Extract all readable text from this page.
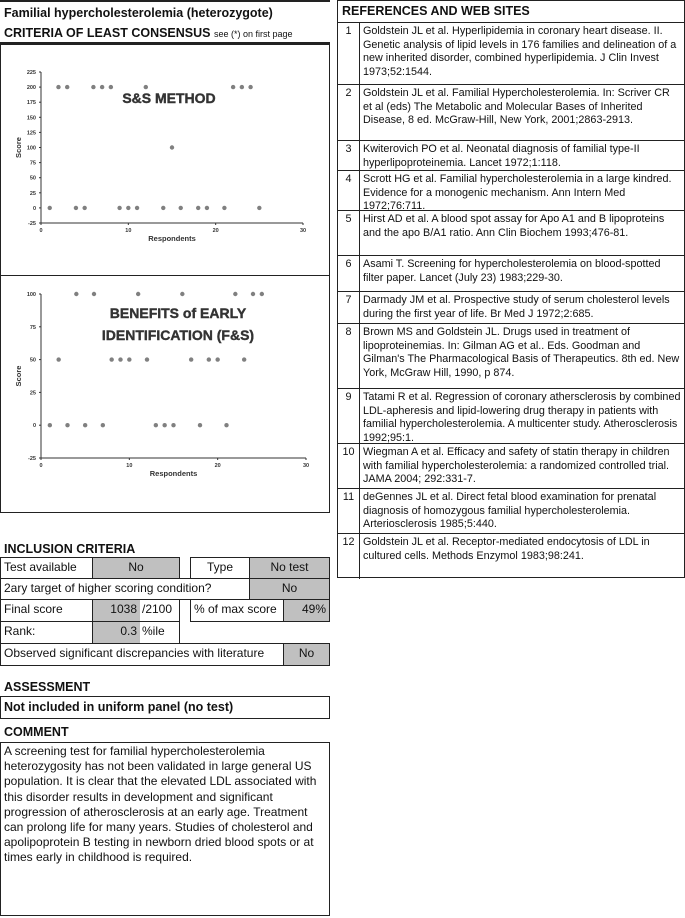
Familial hypercholesterolemia (heterozygote)
CRITERIA OF LEAST CONSENSUS see (*) on first page
-25
0
25
50
75
100
125
150
175
200
225
0	10	20	30
Respondents
Score
S&S METHOD
-25
0
25
50
75
100
0	10	20	30
Respondents
Score
BENEFITS of EARLY
IDENTIFICATION (F&S)
INCLUSION CRITERIA
Test available	No	Type	No test
2ary target of higher scoring condition?	No
Final score	1038 /2100	% of max score	49%
Rank:	0.3 %ile
Observed significant discrepancies with literature	No
ASSESSMENT
Not included in uniform panel (no test)
COMMENT
A screening test for familial hypercholesterolemia heterozygosity has not been validated in large general US population. It is clear that the elevated LDL associated with this disorder results in development and significant progression of atherosclerosis at an early age. Treatment can prolong life for many years. Studies of cholesterol and apolipoprotein B testing in newborn dried blood spots or at times early in childhood is required.
REFERENCES AND WEB SITES
1	Goldstein JL et al. Hyperlipidemia in coronary heart disease. II. Genetic analysis of lipid levels in 176 families and delineation of a new inherited disorder, combined hyperlipidemia. J Clin Invest 1973;52:1544.
2	Goldstein JL et al. Familial Hypercholesterolemia. In: Scriver CR et al (eds) The Metabolic and Molecular Bases of Inherited Disease, 8 ed. McGraw-Hill, New York, 2001;2863-2913.
3	Kwiterovich PO et al. Neonatal diagnosis of familial type-II hyperlipoproteinemia. Lancet 1972;1:118.
4	Scrott HG et al. Familial hypercholesterolemia in a large kindred. Evidence for a monogenic mechanism. Ann Intern Med 1972;76:711.
5	Hirst AD et al. A blood spot assay for Apo A1 and B lipoproteins and the apo B/A1 ratio. Ann Clin Biochem 1993;476-81.
6	Asami T. Screening for hypercholesterolemia on blood-spotted filter paper. Lancet (July 23) 1983;229-30.
7	Darmady JM et al. Prospective study of serum cholesterol levels during the first year of life. Br Med J 1972;2:685.
8	Brown MS and Goldstein JL. Drugs used in treatment of lipoproteinemias. In: Gilman AG et al.. Eds. Goodman and Gilman's The Pharmacological Basis of Therapeutics. 8th ed. New York, McGraw Hill, 1990, p 874.
9	Tatami R et al. Regression of coronary athersclerosis by combined LDL-apheresis and lipid-lowering drug therapy in patients with familial hypercholesterolemia. A multicenter study. Atherosclerosis 1992;95:1.
10 Wiegman A et al. Efficacy and safety of statin therapy in children with familial hypercholesterolemia: a randomized controlled trial. JAMA 2004; 292:331-7.
11 deGennes JL et al. Direct fetal blood examination for prenatal diagnosis of homozygous familial hypercholesterolemia. Arteriosclerosis 1985;5:440.
12 Goldstein JL et al. Receptor-mediated endocytosis of LDL in cultured cells. Methods Enzymol 1983;98:241.
